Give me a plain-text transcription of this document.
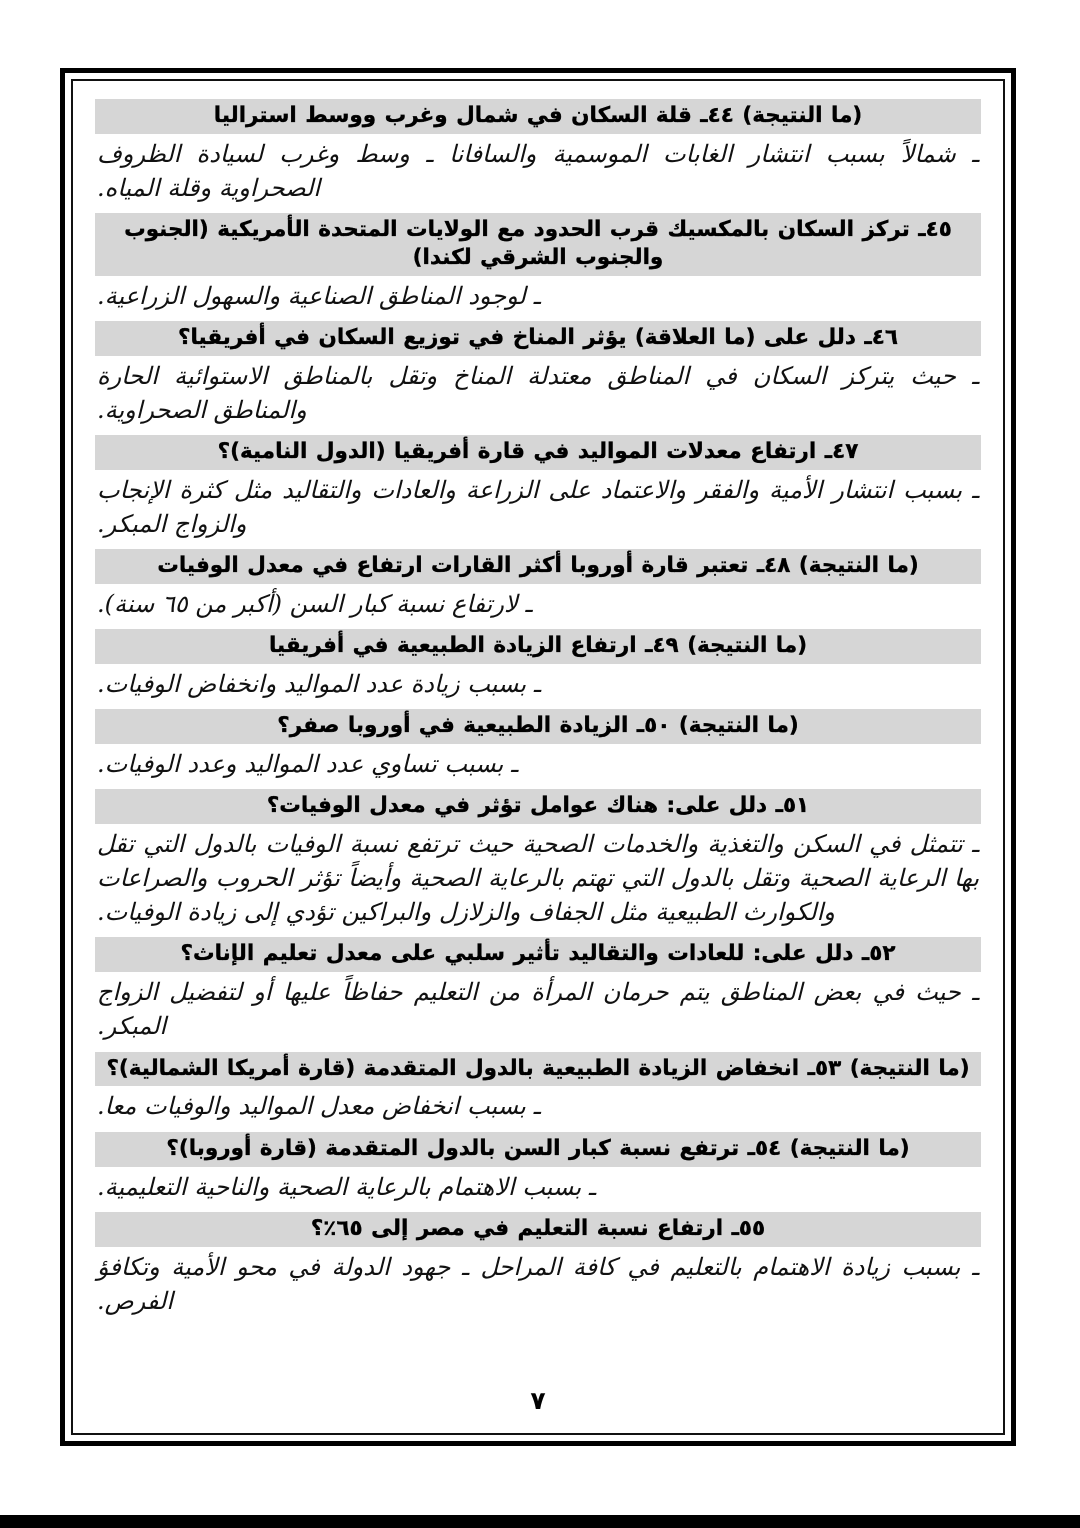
(ما النتيجة) ٤٤ـ قلة السكان في شمال وغرب ووسط استراليا
ـ شمالاً بسبب انتشار الغابات الموسمية والسافانا ـ وسط وغرب لسيادة الظروف الصحراوية وقلة المياه.
٤٥ـ تركز السكان بالمكسيك قرب الحدود مع الولايات المتحدة الأمريكية (الجنوب والجنوب الشرقي لكندا)
ـ لوجود المناطق الصناعية والسهول الزراعية.
٤٦ـ دلل على (ما العلاقة) يؤثر المناخ في توزيع السكان في أفريقيا؟
ـ حيث يتركز السكان في المناطق معتدلة المناخ وتقل بالمناطق الاستوائية الحارة والمناطق الصحراوية.
٤٧ـ ارتفاع معدلات المواليد في قارة أفريقيا (الدول النامية)؟
ـ بسبب انتشار الأمية والفقر والاعتماد على الزراعة والعادات والتقاليد مثل كثرة الإنجاب والزواج المبكر.
(ما النتيجة) ٤٨ـ تعتبر قارة أوروبا أكثر القارات ارتفاع في معدل الوفيات
ـ لارتفاع نسبة كبار السن (أكبر من ٦٥ سنة).
(ما النتيجة) ٤٩ـ ارتفاع الزيادة الطبيعية في أفريقيا
ـ بسبب زيادة عدد المواليد وانخفاض الوفيات.
(ما النتيجة) ٥٠ـ الزيادة الطبيعية في أوروبا صفر؟
ـ بسبب تساوي عدد المواليد وعدد الوفيات.
٥١ـ دلل على: هناك عوامل تؤثر في معدل الوفيات؟
ـ تتمثل في السكن والتغذية والخدمات الصحية حيث ترتفع نسبة الوفيات بالدول التي تقل بها الرعاية الصحية وتقل بالدول التي تهتم بالرعاية الصحية وأيضاً تؤثر الحروب والصراعات والكوارث الطبيعية مثل الجفاف والزلازل والبراكين تؤدي إلى زيادة الوفيات.
٥٢ـ دلل على: للعادات والتقاليد تأثير سلبي على معدل تعليم الإناث؟
ـ حيث في بعض المناطق يتم حرمان المرأة من التعليم حفاظاً عليها أو لتفضيل الزواج المبكر.
(ما النتيجة) ٥٣ـ انخفاض الزيادة الطبيعية بالدول المتقدمة (قارة أمريكا الشمالية)؟
ـ بسبب انخفاض معدل المواليد والوفيات معا.
(ما النتيجة) ٥٤ـ ترتفع نسبة كبار السن بالدول المتقدمة (قارة أوروبا)؟
ـ بسبب الاهتمام بالرعاية الصحية والناحية التعليمية.
٥٥ـ ارتفاع نسبة التعليم في مصر إلى ٦٥٪؟
ـ بسبب زيادة الاهتمام بالتعليم في كافة المراحل ـ جهود الدولة في محو الأمية وتكافؤ الفرص.
٧
